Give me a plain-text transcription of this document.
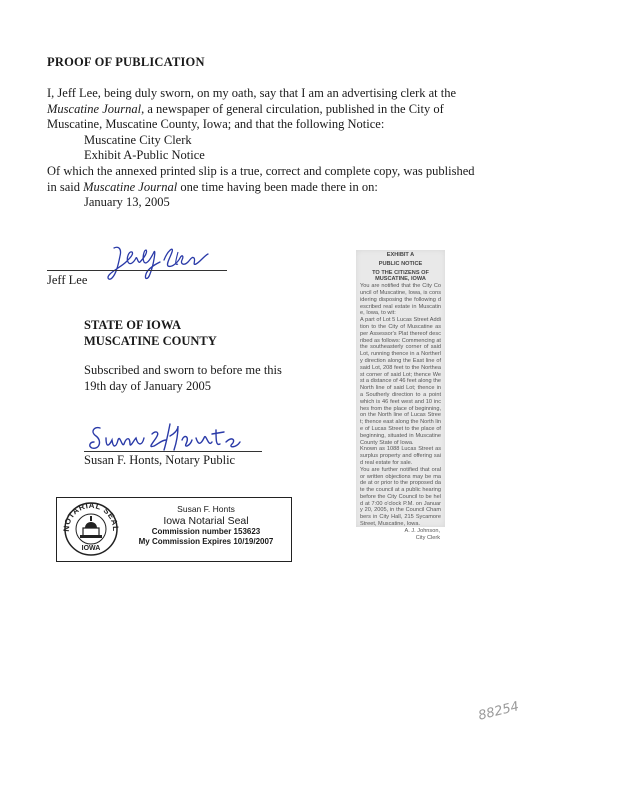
PROOF OF PUBLICATION
I, Jeff Lee, being duly sworn, on my oath, say that I am an advertising clerk at the
Muscatine Journal, a newspaper of general circulation, published in the City of
Muscatine, Muscatine County, Iowa; and that the following Notice:
Muscatine City Clerk
Exhibit A-Public Notice
Of which the annexed printed slip is a true, correct and complete copy, was published
in said Muscatine Journal one time having been made there in on:
January 13, 2005
Jeff Lee
STATE OF IOWA
MUSCATINE COUNTY
Subscribed and sworn to before me this
19th day of January 2005
Susan F. Honts, Notary Public
NOTARIAL SEAL
IOWA
Susan F. Honts
Iowa Notarial Seal
Commission number 153623
My Commission Expires 10/19/2007
EXHIBIT A
PUBLIC NOTICE
TO THE CITIZENS OF MUSCATINE, IOWA
You are notified that the City Council of Muscatine, Iowa, is considering disposing the following described real estate in Muscatine, Iowa, to wit:
A part of Lot 5 Lucas Street Addition to the City of Muscatine as per Assessor's Plat thereof described as follows: Commencing at the southeasterly corner of said Lot, running thence in a Northerly direction along the East line of said Lot, 208 feet to the Northeast corner of said Lot; thence West a distance of 46 feet along the North line of said Lot; thence in a Southerly direction to a point which is 46 feet west and 10 inches from the place of beginning, on the North line of Lucas Street; thence east along the North line of Lucas Street to the place of beginning, situated in Muscatine County State of Iowa.
Known as 1088 Lucas Street as surplus property and offering said real estate for sale.
You are further notified that oral or written objections may be made at or prior to the proposed date the council at a public hearing before the City Council to be held at 7:00 o'clock P.M. on January 20, 2005, in the Council Chambers in City Hall, 215 Sycamore Street, Muscatine, Iowa.
A. J. Johnson,
City Clerk
88254
